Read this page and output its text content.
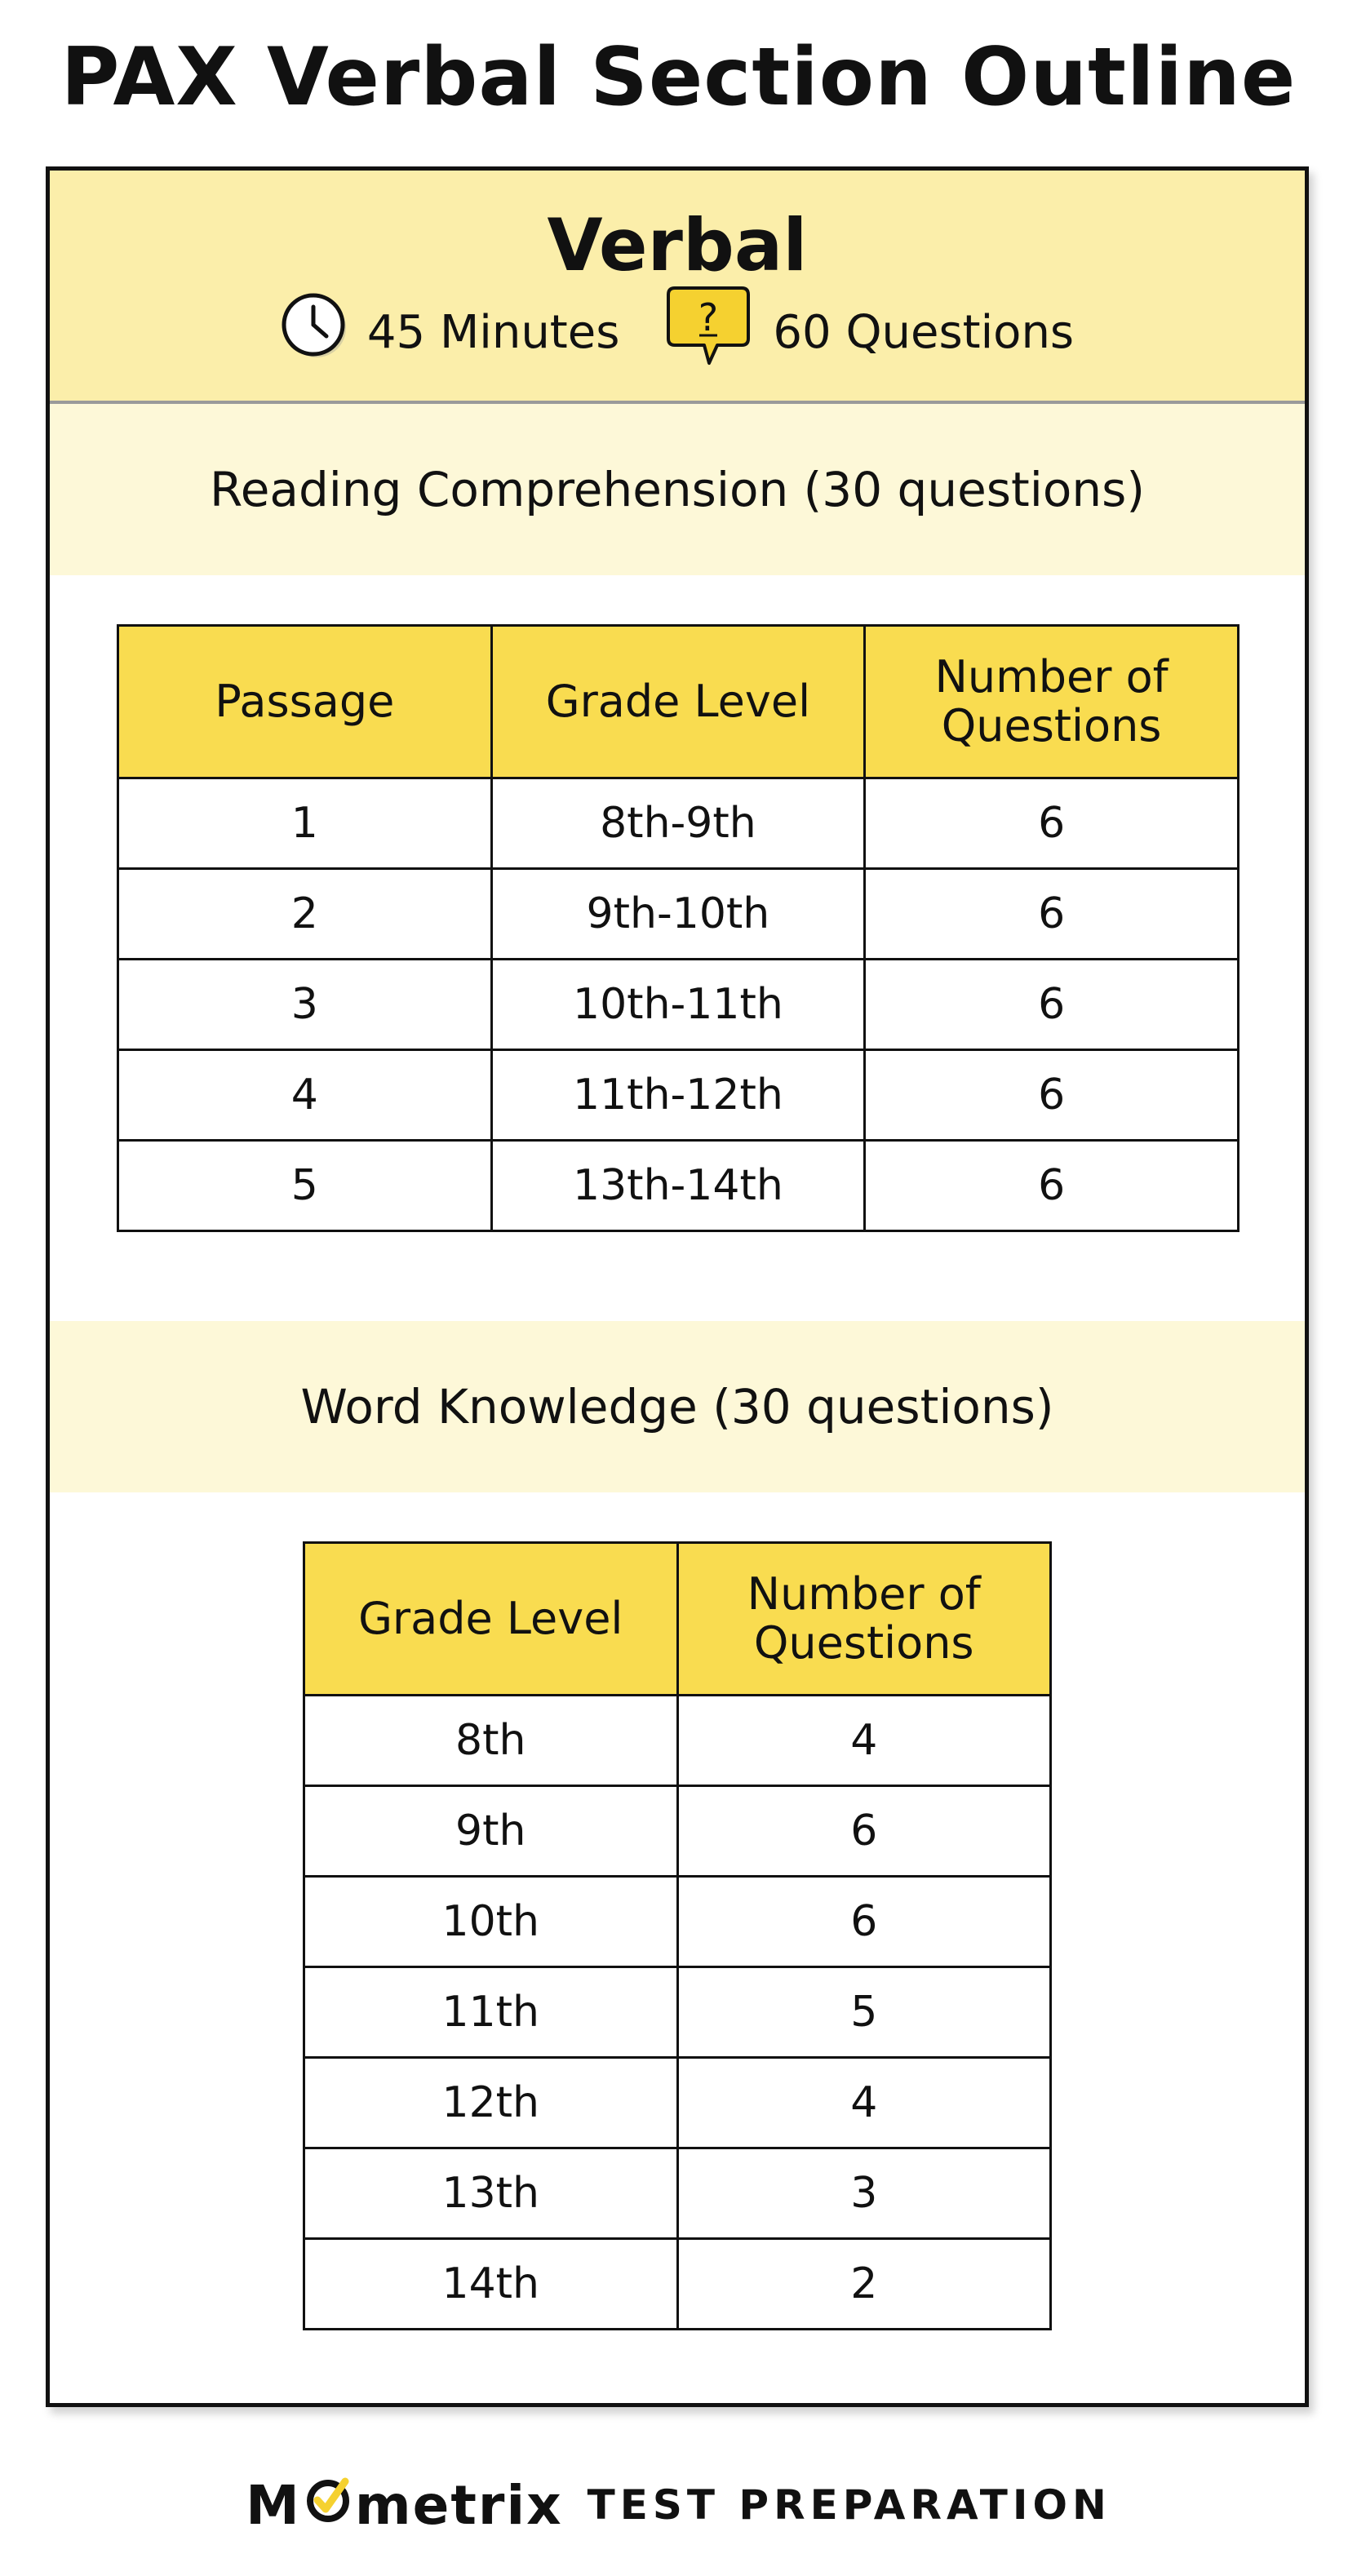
PAX Verbal Section Outline
Verbal
45 Minutes ? 60 Questions
Reading Comprehension (30 questions)
Passage	Grade Level	Number of Questions
1	8th-9th	6
2	9th-10th	6
3	10th-11th	6
4	11th-12th	6
5	13th-14th	6
Word Knowledge (30 questions)
Grade Level	Number of Questions
8th	4
9th	6
10th	6
11th	5
12th	4
13th	3
14th	2
M metrix TEST PREPARATION
